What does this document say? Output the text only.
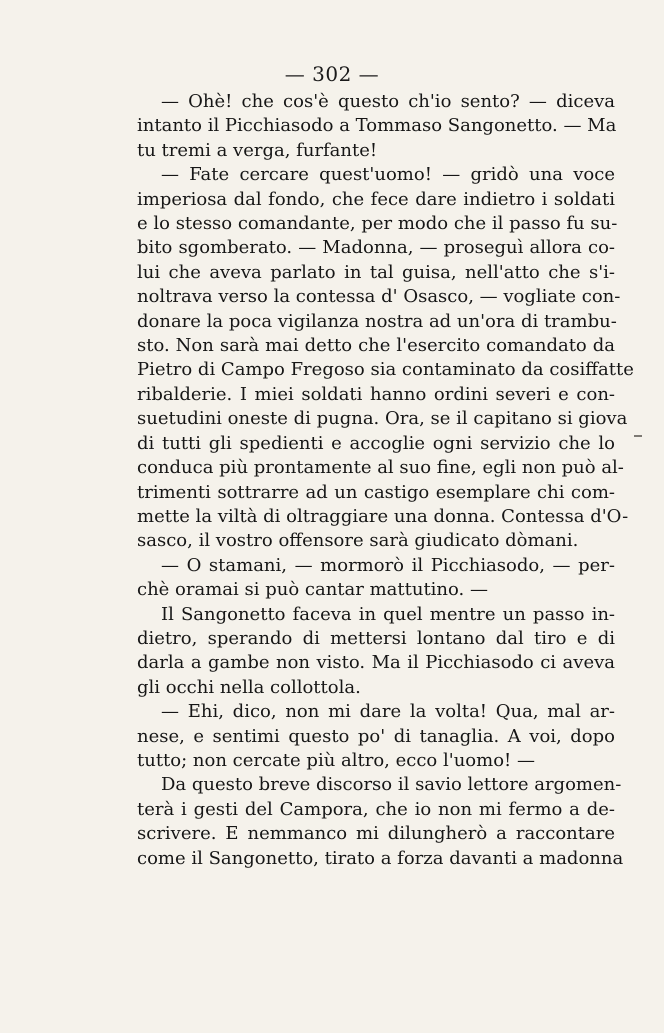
— 302 —
— Ohè! che cos'è questo ch'io sento? — diceva
intanto il Picchiasodo a Tommaso Sangonetto. — Ma
tu tremi a verga, furfante!
— Fate cercare quest'uomo! — gridò una voce
imperiosa dal fondo, che fece dare indietro i soldati
e lo stesso comandante, per modo che il passo fu su-
bito sgomberato. — Madonna, — proseguì allora co-
lui che aveva parlato in tal guisa, nell'atto che s'i-
noltrava verso la contessa d' Osasco, — vogliate con-
donare la poca vigilanza nostra ad un'ora di trambu-
sto. Non sarà mai detto che l'esercito comandato da
Pietro di Campo Fregoso sia contaminato da cosiffatte
ribalderie. I miei soldati hanno ordini severi e con-
suetudini oneste di pugna. Ora, se il capitano si giova
di tutti gli spedienti e accoglie ogni servizio che lo
conduca più prontamente al suo fine, egli non può al-
trimenti sottrarre ad un castigo esemplare chi com-
mette la viltà di oltraggiare una donna. Contessa d'O-
sasco, il vostro offensore sarà giudicato dòmani.
— O stamani, — mormorò il Picchiasodo, — per-
chè oramai si può cantar mattutino. —
Il Sangonetto faceva in quel mentre un passo in-
dietro, sperando di mettersi lontano dal tiro e di
darla a gambe non visto. Ma il Picchiasodo ci aveva
gli occhi nella collottola.
— Ehi, dico, non mi dare la volta! Qua, mal ar-
nese, e sentimi questo po' di tanaglia. A voi, dopo
tutto; non cercate più altro, ecco l'uomo! —
Da questo breve discorso il savio lettore argomen-
terà i gesti del Campora, che io non mi fermo a de-
scrivere. E nemmanco mi dilungherò a raccontare
come il Sangonetto, tirato a forza davanti a madonna
